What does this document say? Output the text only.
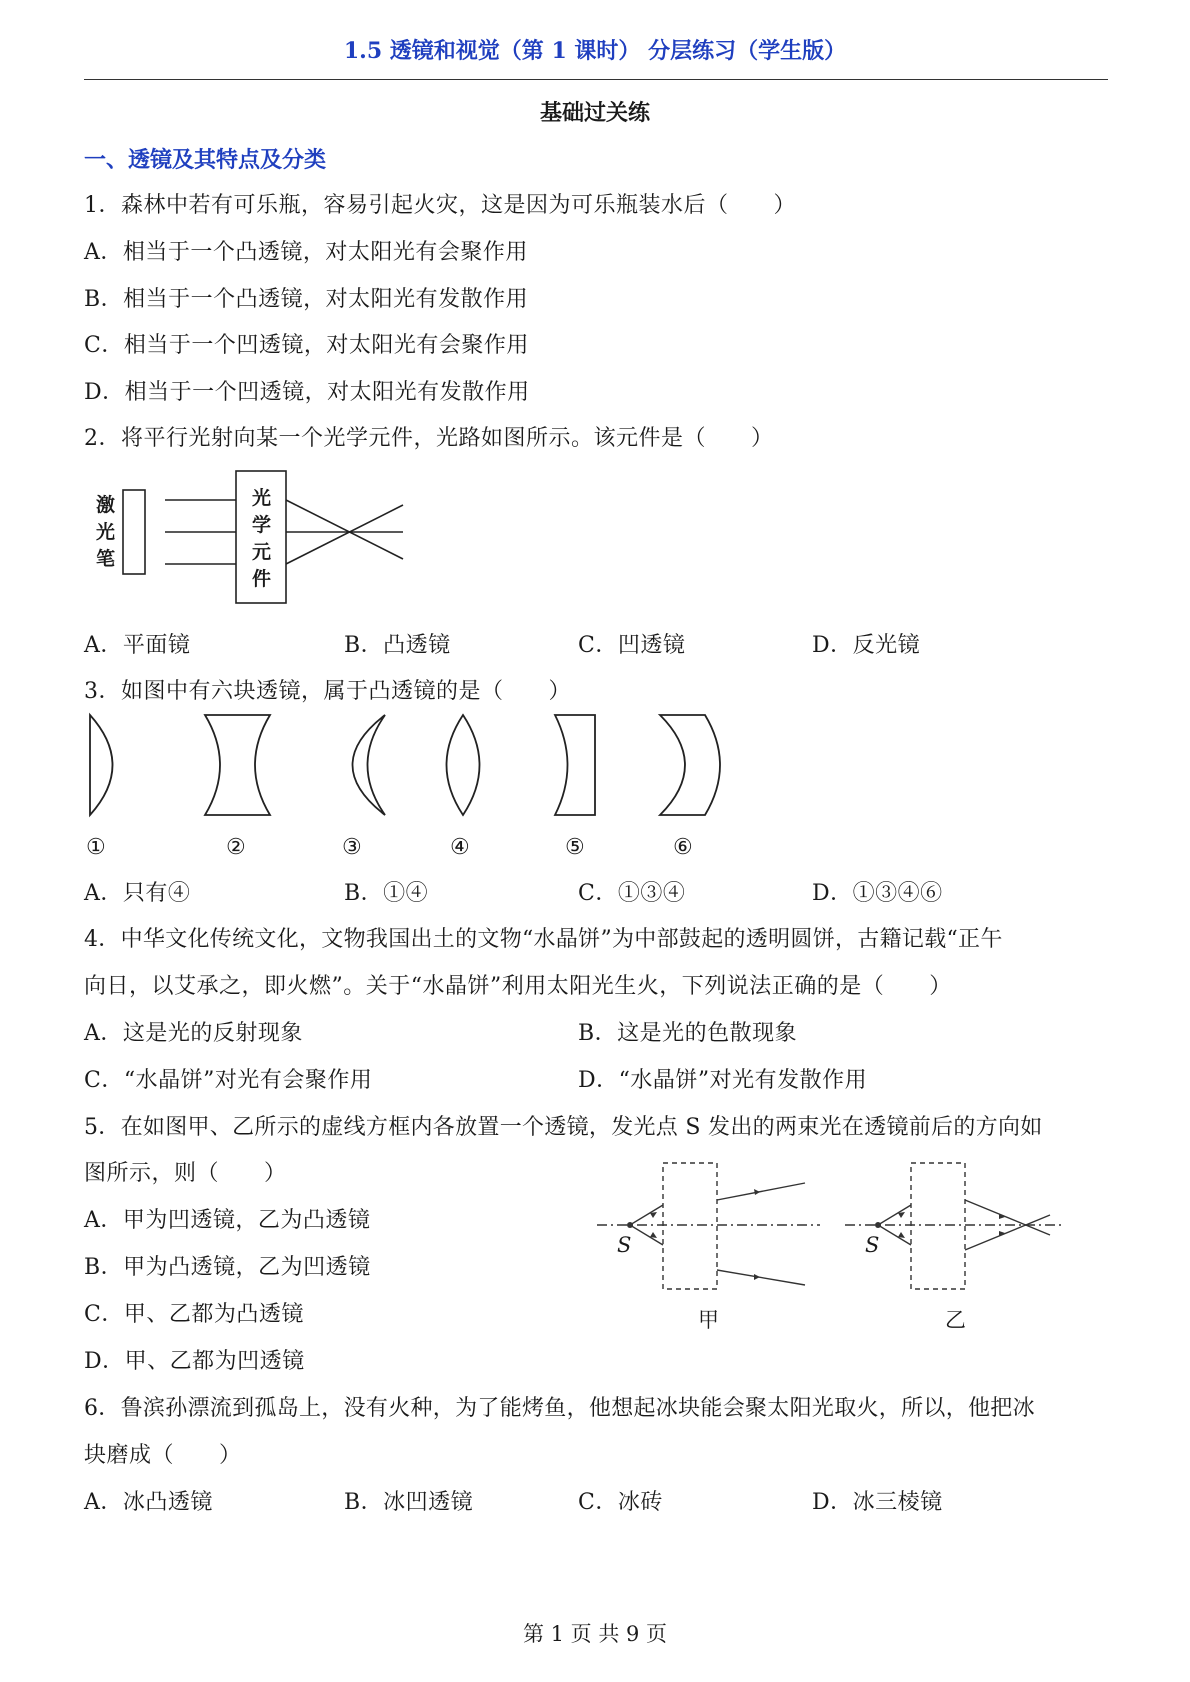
1.5 透镜和视觉（第 1 课时） 分层练习（学生版）
基础过关练
一、透镜及其特点及分类
1．森林中若有可乐瓶，容易引起火灾，这是因为可乐瓶装水后（　　）
A．相当于一个凸透镜，对太阳光有会聚作用
B．相当于一个凸透镜，对太阳光有发散作用
C．相当于一个凹透镜，对太阳光有会聚作用
D．相当于一个凹透镜，对太阳光有发散作用
2．将平行光射向某一个光学元件，光路如图所示。该元件是（　　）
激光笔
光学元件
A．平面镜	B．凸透镜	C．凹透镜	D．反光镜
3．如图中有六块透镜，属于凸透镜的是（　　）
①	②	③	④	⑤	⑥
A．只有④	B．①④	C．①③④	D．①③④⑥
4．中华文化传统文化，文物我国出土的文物“水晶饼”为中部鼓起的透明圆饼，古籍记载“正午
向日，以艾承之，即火燃”。关于“水晶饼”利用太阳光生火，下列说法正确的是（　　）
A．这是光的反射现象	B．这是光的色散现象
C．“水晶饼”对光有会聚作用	D．“水晶饼”对光有发散作用
5．在如图甲、乙所示的虚线方框内各放置一个透镜，发光点 S 发出的两束光在透镜前后的方向如
图所示，则（　　）
A．甲为凹透镜，乙为凸透镜
B．甲为凸透镜，乙为凹透镜
C．甲、乙都为凸透镜
D．甲、乙都为凹透镜
S	S
甲	乙
6．鲁滨孙漂流到孤岛上，没有火种，为了能烤鱼，他想起冰块能会聚太阳光取火，所以，他把冰
块磨成（　　）
A．冰凸透镜	B．冰凹透镜	C．冰砖	D．冰三棱镜
第 1 页 共 9 页
